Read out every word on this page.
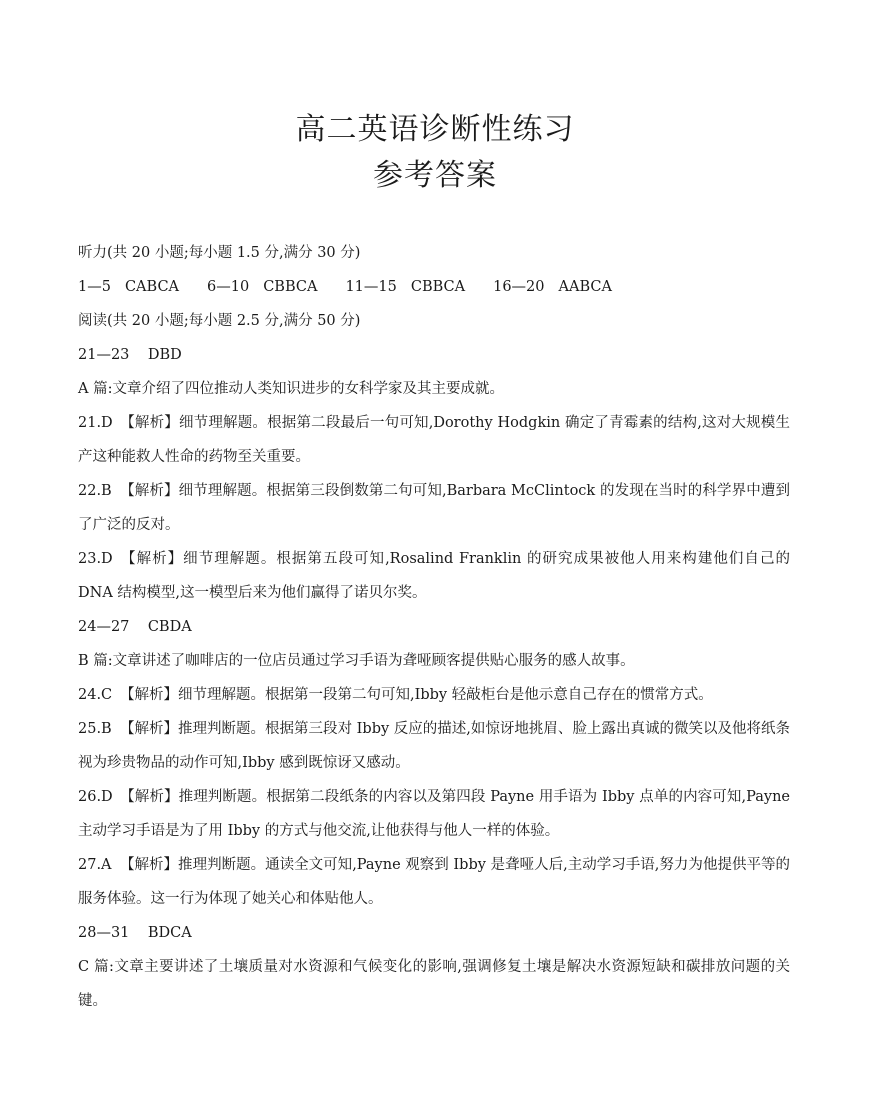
高二英语诊断性练习
参考答案
听力(共 20 小题;每小题 1.5 分,满分 30 分)
1—5 CABCA 6—10 CBBCA 11—15 CBBCA 16—20 AABCA
阅读(共 20 小题;每小题 2.5 分,满分 50 分)
21—23    DBD
A 篇:文章介绍了四位推动人类知识进步的女科学家及其主要成就。
21.D 【解析】细节理解题。根据第二段最后一句可知,Dorothy Hodgkin 确定了青霉素的结构,这对大规模生产这种能救人性命的药物至关重要。
22.B 【解析】细节理解题。根据第三段倒数第二句可知,Barbara McClintock 的发现在当时的科学界中遭到了广泛的反对。
23.D 【解析】细节理解题。根据第五段可知,Rosalind Franklin 的研究成果被他人用来构建他们自己的 DNA 结构模型,这一模型后来为他们赢得了诺贝尔奖。
24—27    CBDA
B 篇:文章讲述了咖啡店的一位店员通过学习手语为聋哑顾客提供贴心服务的感人故事。
24.C 【解析】细节理解题。根据第一段第二句可知,Ibby 轻敲柜台是他示意自己存在的惯常方式。
25.B 【解析】推理判断题。根据第三段对 Ibby 反应的描述,如惊讶地挑眉、脸上露出真诚的微笑以及他将纸条视为珍贵物品的动作可知,Ibby 感到既惊讶又感动。
26.D 【解析】推理判断题。根据第二段纸条的内容以及第四段 Payne 用手语为 Ibby 点单的内容可知,Payne 主动学习手语是为了用 Ibby 的方式与他交流,让他获得与他人一样的体验。
27.A 【解析】推理判断题。通读全文可知,Payne 观察到 Ibby 是聋哑人后,主动学习手语,努力为他提供平等的服务体验。这一行为体现了她关心和体贴他人。
28—31    BDCA
C 篇:文章主要讲述了土壤质量对水资源和气候变化的影响,强调修复土壤是解决水资源短缺和碳排放问题的关键。
